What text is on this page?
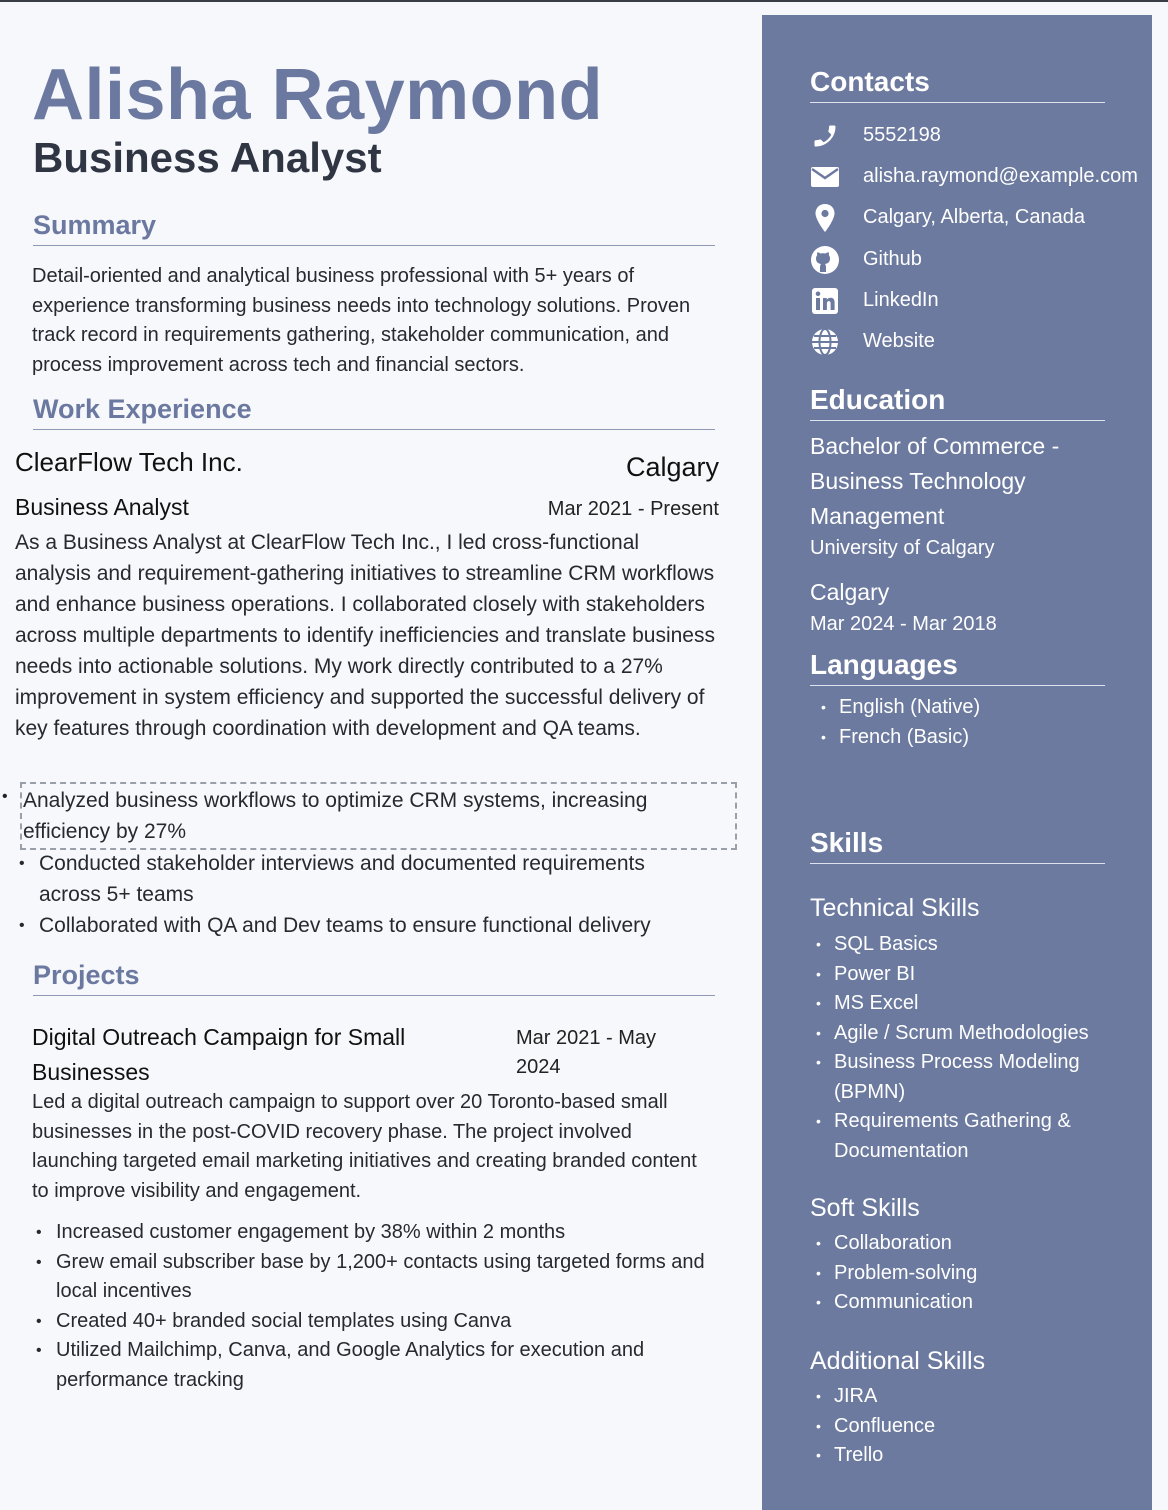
Alisha Raymond
Business Analyst
Summary

Detail-oriented and analytical business professional with 5+ years of experience transforming business needs into technology solutions. Proven track record in requirements gathering, stakeholder communication, and process improvement across tech and financial sectors.

Work Experience
ClearFlow Tech Inc.	Calgary
Business Analyst	Mar 2021 - Present

As a Business Analyst at ClearFlow Tech Inc., I led cross-functional analysis and requirement-gathering initiatives to streamline CRM workflows and enhance business operations. I collaborated closely with stakeholders across multiple departments to identify inefficiencies and translate business needs into actionable solutions. My work directly contributed to a 27% improvement in system efficiency and supported the successful delivery of key features through coordination with development and QA teams.

• Analyzed business workflows to optimize CRM systems, increasing efficiency by 27%

• Conducted stakeholder interviews and documented requirements across 5+ teams
• Collaborated with QA and Dev teams to ensure functional delivery
Projects
Digital Outreach Campaign for Small Businesses
Mar 2021 - May 2024

Led a digital outreach campaign to support over 20 Toronto-based small businesses in the post-COVID recovery phase. The project involved launching targeted email marketing initiatives and creating branded content to improve visibility and engagement.

• Increased customer engagement by 38% within 2 months
• Grew email subscriber base by 1,200+ contacts using targeted forms and local incentives
• Created 40+ branded social templates using Canva
• Utilized Mailchimp, Canva, and Google Analytics for execution and performance tracking
Contacts
5552198
alisha.raymond@example.com
Calgary, Alberta, Canada
Github
LinkedIn
Website
Education

Bachelor of Commerce - Business Technology Management

University of Calgary

Calgary

Mar 2024 - Mar 2018

Languages
• English (Native)
• French (Basic)
Skills

Technical Skills

• SQL Basics
• Power BI
• MS Excel
• Agile / Scrum Methodologies
• Business Process Modeling (BPMN)
• Requirements Gathering & Documentation

Soft Skills

• Collaboration
• Problem-solving
• Communication

Additional Skills

• JIRA
• Confluence
• Trello
